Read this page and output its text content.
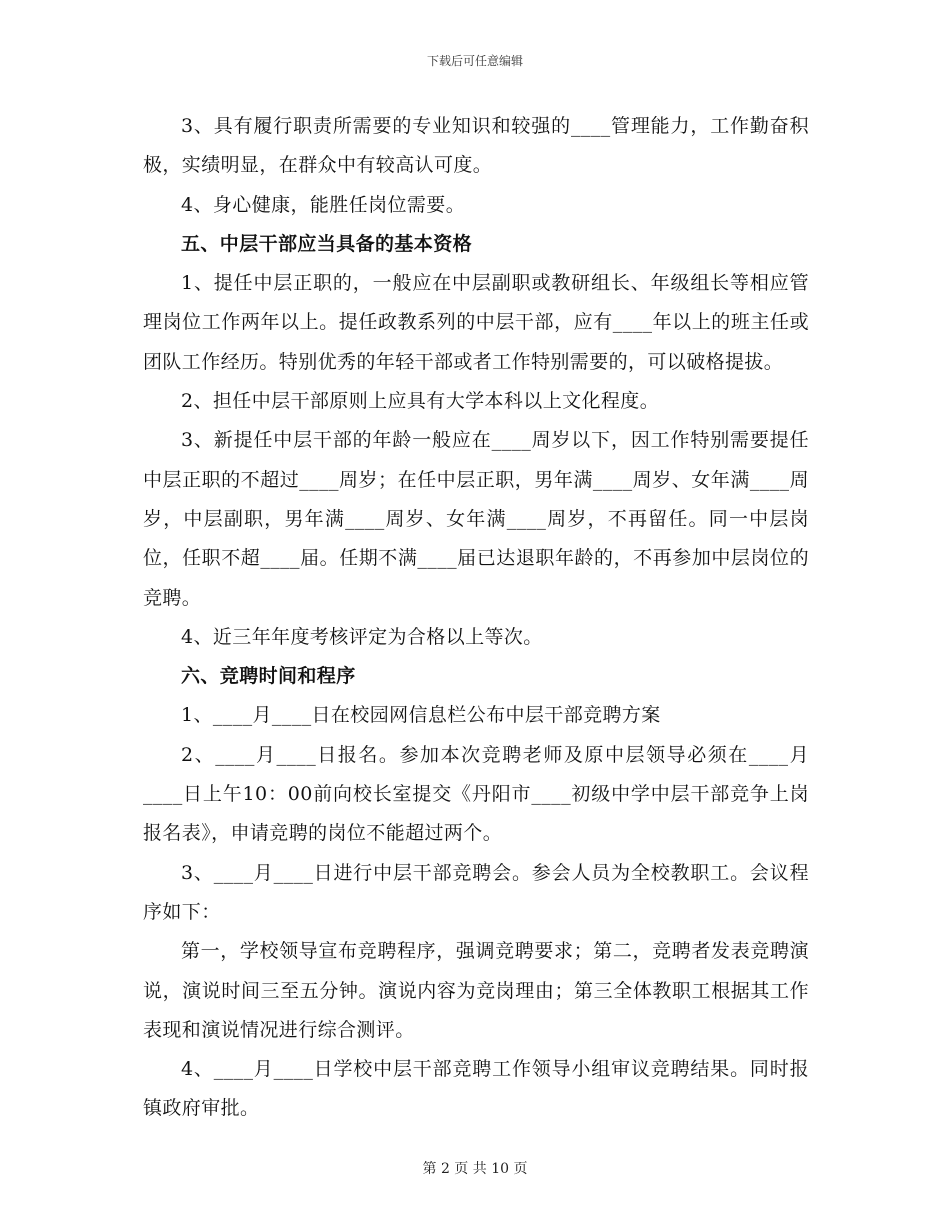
下载后可任意编辑

3、具有履行职责所需要的专业知识和较强的____管理能力，工作勤奋积极，实绩明显，在群众中有较高认可度。

4、身心健康，能胜任岗位需要。

五、中层干部应当具备的基本资格

1、提任中层正职的，一般应在中层副职或教研组长、年级组长等相应管理岗位工作两年以上。提任政教系列的中层干部，应有____年以上的班主任或团队工作经历。特别优秀的年轻干部或者工作特别需要的，可以破格提拔。

2、担任中层干部原则上应具有大学本科以上文化程度。

3、新提任中层干部的年龄一般应在____周岁以下，因工作特别需要提任中层正职的不超过____周岁；在任中层正职，男年满____周岁、女年满____周岁，中层副职，男年满____周岁、女年满____周岁，不再留任。同一中层岗位，任职不超____届。任期不满____届已达退职年龄的，不再参加中层岗位的竞聘。

4、近三年年度考核评定为合格以上等次。

六、竞聘时间和程序

1、____月____日在校园网信息栏公布中层干部竞聘方案

2、____月____日报名。参加本次竞聘老师及原中层领导必须在____月____日上午10：00前向校长室提交《丹阳市____初级中学中层干部竞争上岗报名表》，申请竞聘的岗位不能超过两个。

3、____月____日进行中层干部竞聘会。参会人员为全校教职工。会议程序如下：

第一，学校领导宣布竞聘程序，强调竞聘要求；第二，竞聘者发表竞聘演说，演说时间三至五分钟。演说内容为竞岗理由；第三全体教职工根据其工作表现和演说情况进行综合测评。

4、____月____日学校中层干部竞聘工作领导小组审议竞聘结果。同时报镇政府审批。

第 2 页 共 10 页
